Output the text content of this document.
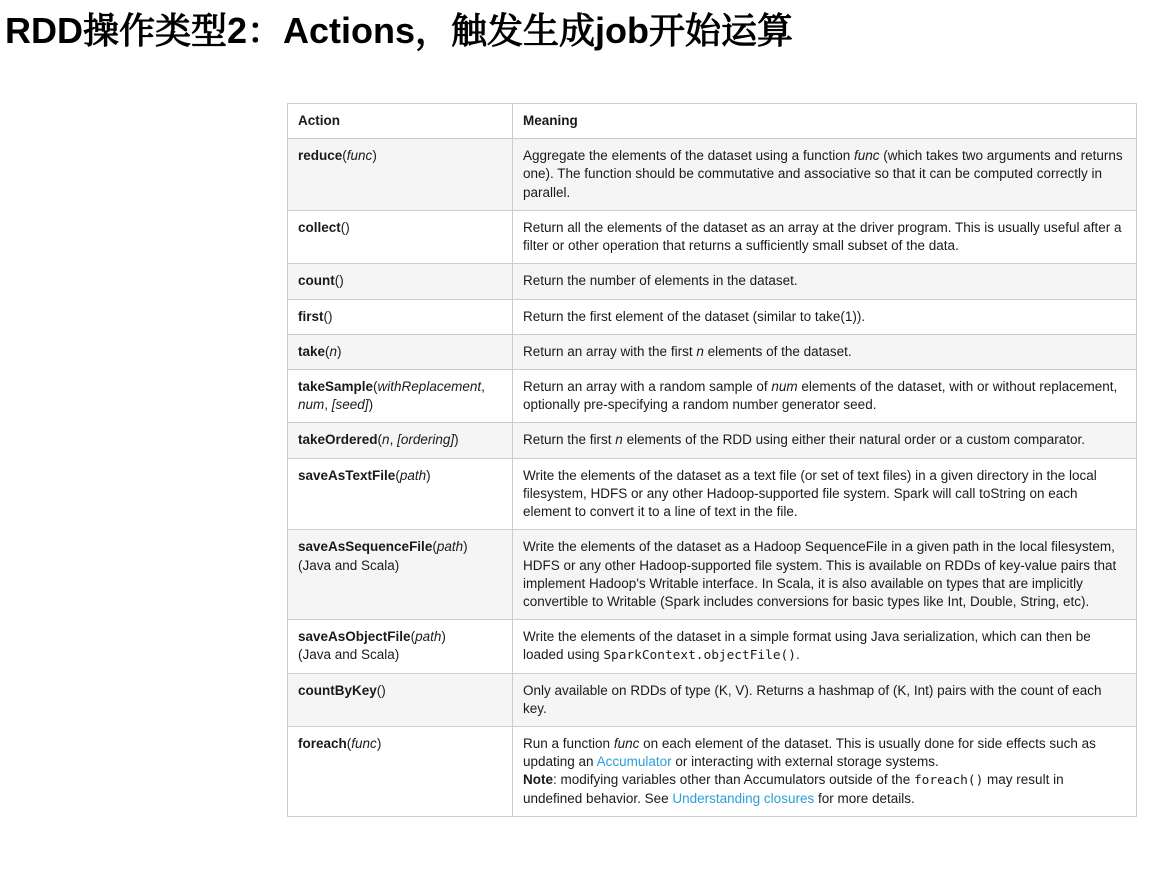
RDD操作类型2：Actions，触发生成job开始运算
Action	Meaning
reduce(func)	Aggregate the elements of the dataset using a function func (which takes two arguments and returns one). The function should be commutative and associative so that it can be computed correctly in parallel.
collect()	Return all the elements of the dataset as an array at the driver program. This is usually useful after a filter or other operation that returns a sufficiently small subset of the data.
count()	Return the number of elements in the dataset.
first()	Return the first element of the dataset (similar to take(1)).
take(n)	Return an array with the first n elements of the dataset.
takeSample(withReplacement, num, [seed])	Return an array with a random sample of num elements of the dataset, with or without replacement, optionally pre-specifying a random number generator seed.
takeOrdered(n, [ordering])	Return the first n elements of the RDD using either their natural order or a custom comparator.
saveAsTextFile(path)	Write the elements of the dataset as a text file (or set of text files) in a given directory in the local filesystem, HDFS or any other Hadoop-supported file system. Spark will call toString on each element to convert it to a line of text in the file.
saveAsSequenceFile(path)
(Java and Scala)	Write the elements of the dataset as a Hadoop SequenceFile in a given path in the local filesystem, HDFS or any other Hadoop-supported file system. This is available on RDDs of key-value pairs that implement Hadoop's Writable interface. In Scala, it is also available on types that are implicitly convertible to Writable (Spark includes conversions for basic types like Int, Double, String, etc).
saveAsObjectFile(path)
(Java and Scala)	Write the elements of the dataset in a simple format using Java serialization, which can then be loaded using SparkContext.objectFile().
countByKey()	Only available on RDDs of type (K, V). Returns a hashmap of (K, Int) pairs with the count of each key.
foreach(func)	Run a function func on each element of the dataset. This is usually done for side effects such as updating an Accumulator or interacting with external storage systems.
Note: modifying variables other than Accumulators outside of the foreach() may result in undefined behavior. See Understanding closures for more details.
